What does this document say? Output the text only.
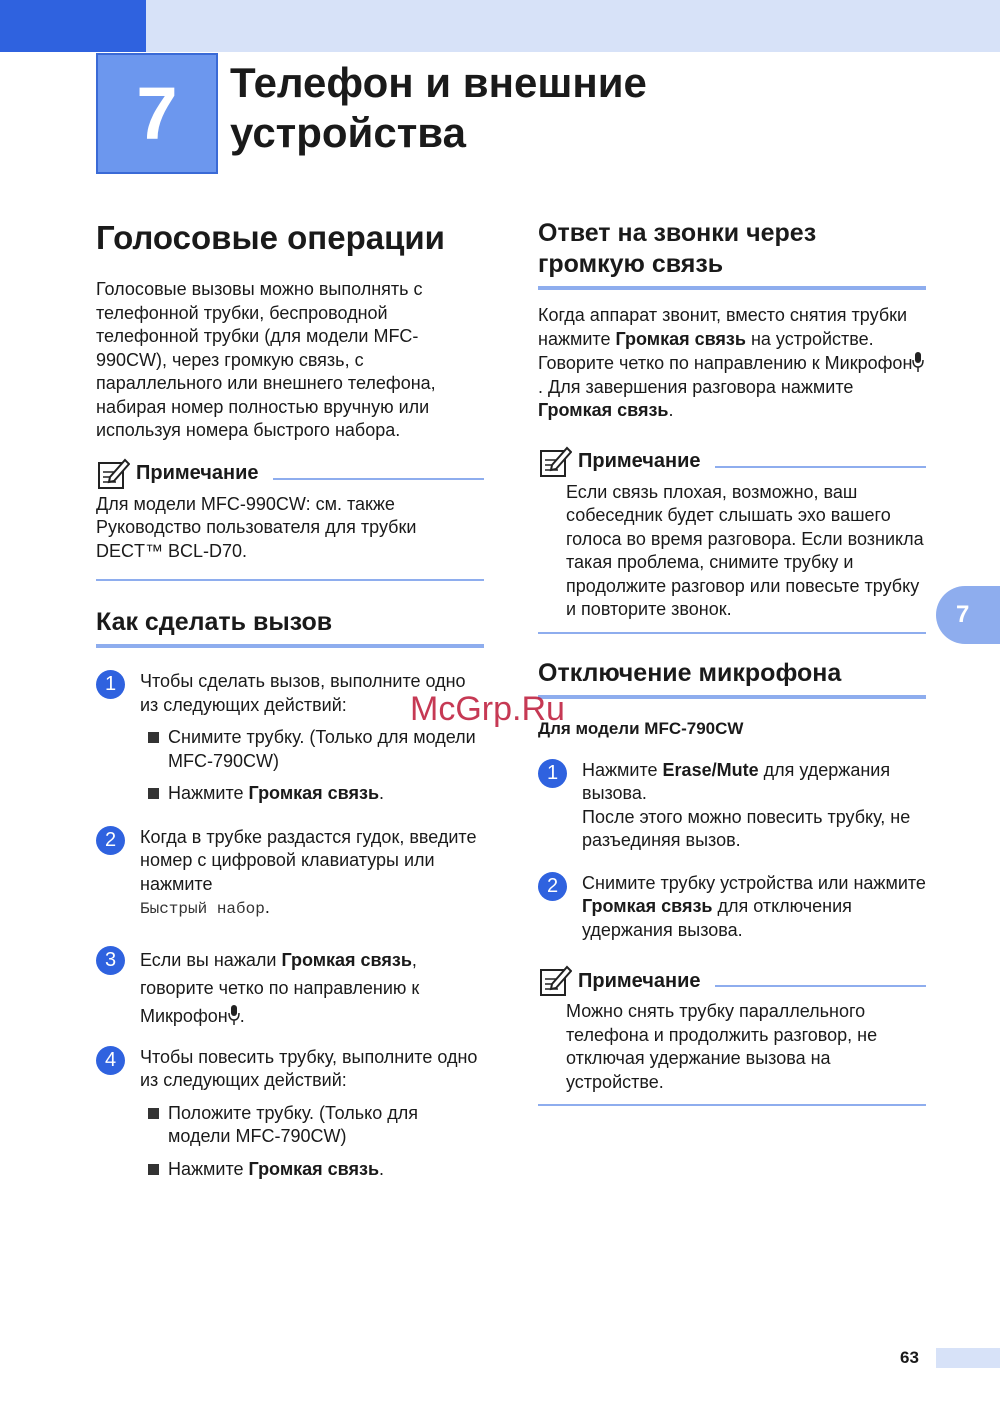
7 Телефон и внешние
устройства
Голосовые операции

Голосовые вызовы можно выполнять с телефонной трубки, беспроводной телефонной трубки (для модели MFC-990CW), через громкую связь, с параллельного или внешнего телефона, набирая номер полностью вручную или используя номера быстрого набора.

Примечание

Для модели MFC-990CW: см. также Руководство пользователя для трубки DECT™ BCL-D70.

Как сделать вызов
1	Чтобы сделать вызов, выполните одно из следующих действий:

Снимите трубку. (Только для модели MFC-790CW)

Нажмите Громкая связь.

2	Когда в трубке раздастся гудок, введите номер с цифровой клавиатуры или нажмите
Быстрый набор.

3	Если вы нажали Громкая связь, говорите четко по направлению к Микрофон .

4	Чтобы повесить трубку, выполните одно из следующих действий:

Положите трубку. (Только для модели MFC-790CW)

Нажмите Громкая связь.

Ответ на звонки через громкую связь

Когда аппарат звонит, вместо снятия трубки нажмите Громкая связь на устройстве. Говорите четко по направлению к Микрофон. Для завершения разговора нажмите Громкая связь.

Примечание

Если связь плохая, возможно, ваш собеседник будет слышать эхо вашего голоса во время разговора. Если возникла такая проблема, снимите трубку и продолжите разговор или повесьте трубку и повторите звонок.

Отключение микрофона
Для модели MFC-790CW
1	Нажмите Erase/Mute для удержания вызова.

После этого можно повесить трубку, не разъединяя вызов.

2	Снимите трубку устройства или нажмите Громкая связь для отключения удержания вызова.

Примечание

Можно снять трубку параллельного телефона и продолжить разговор, не отключая удержание вызова на устройстве.

7
McGrp.Ru
63
